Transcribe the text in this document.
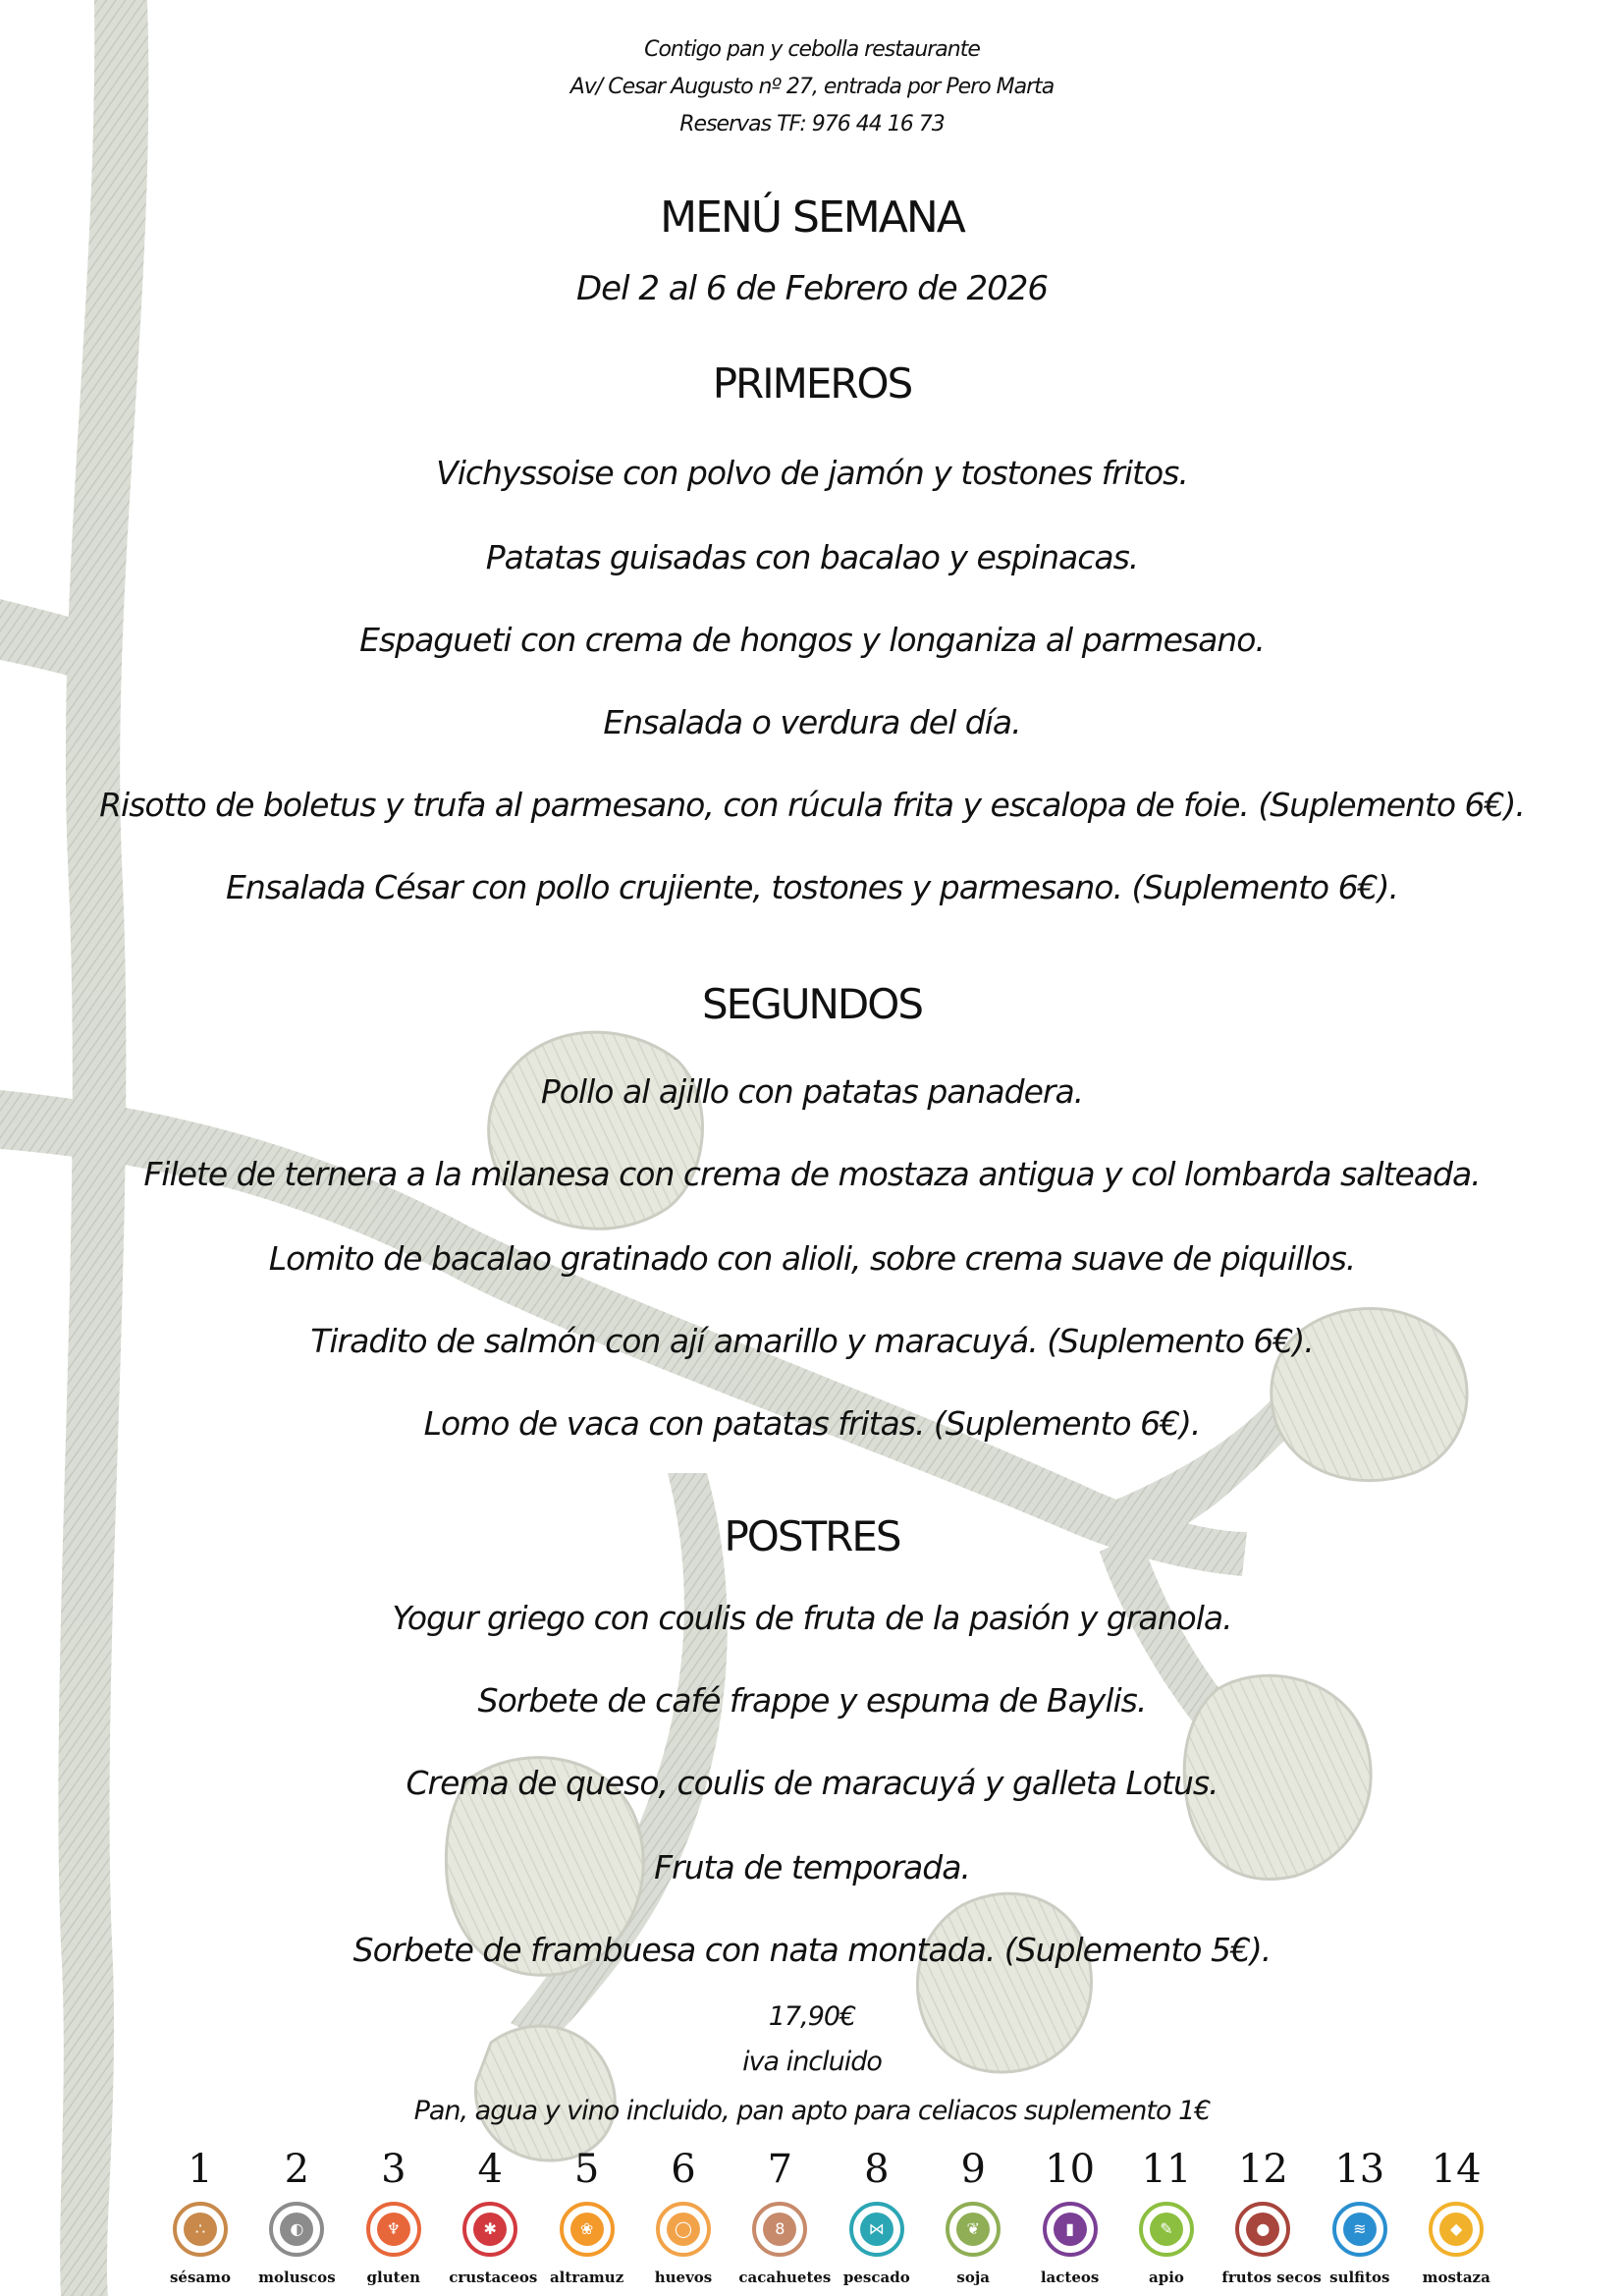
Contigo pan y cebolla restaurante

Av/ Cesar Augusto nº 27, entrada por Pero Marta

Reservas TF: 976 44 16 73

MENÚ SEMANA

Del 2 al 6 de Febrero de 2026

PRIMEROS

Vichyssoise con polvo de jamón y tostones fritos.

Patatas guisadas con bacalao y espinacas.

Espagueti con crema de hongos y longaniza al parmesano.

Ensalada o verdura del día.

Risotto de boletus y trufa al parmesano, con rúcula frita y escalopa de foie. (Suplemento 6€).

Ensalada César con pollo crujiente, tostones y parmesano. (Suplemento 6€).

SEGUNDOS

Pollo al ajillo con patatas panadera.

Filete de ternera a la milanesa con crema de mostaza antigua y col lombarda salteada.

Lomito de bacalao gratinado con alioli, sobre crema suave de piquillos.

Tiradito de salmón con ají amarillo y maracuyá. (Suplemento 6€).

Lomo de vaca con patatas fritas. (Suplemento 6€).

POSTRES

Yogur griego con coulis de fruta de la pasión y granola.

Sorbete de café frappe y espuma de Baylis.

Crema de queso, coulis de maracuyá y galleta Lotus.

Fruta de temporada.

Sorbete de frambuesa con nata montada. (Suplemento 5€).

17,90€

iva incluido

Pan, agua y vino incluido, pan apto para celiacos suplemento 1€

1
∴
sésamo
2
◐
moluscos
3
♆
gluten
4
✱
crustaceos
5
❀
altramuz
6
◯
huevos
7
8
cacahuetes
8
⋈
pescado
9
❦
soja
10
▮
lacteos
11
✎
apio
12
●
frutos secos
13
≋
sulfitos
14
◆
mostaza
